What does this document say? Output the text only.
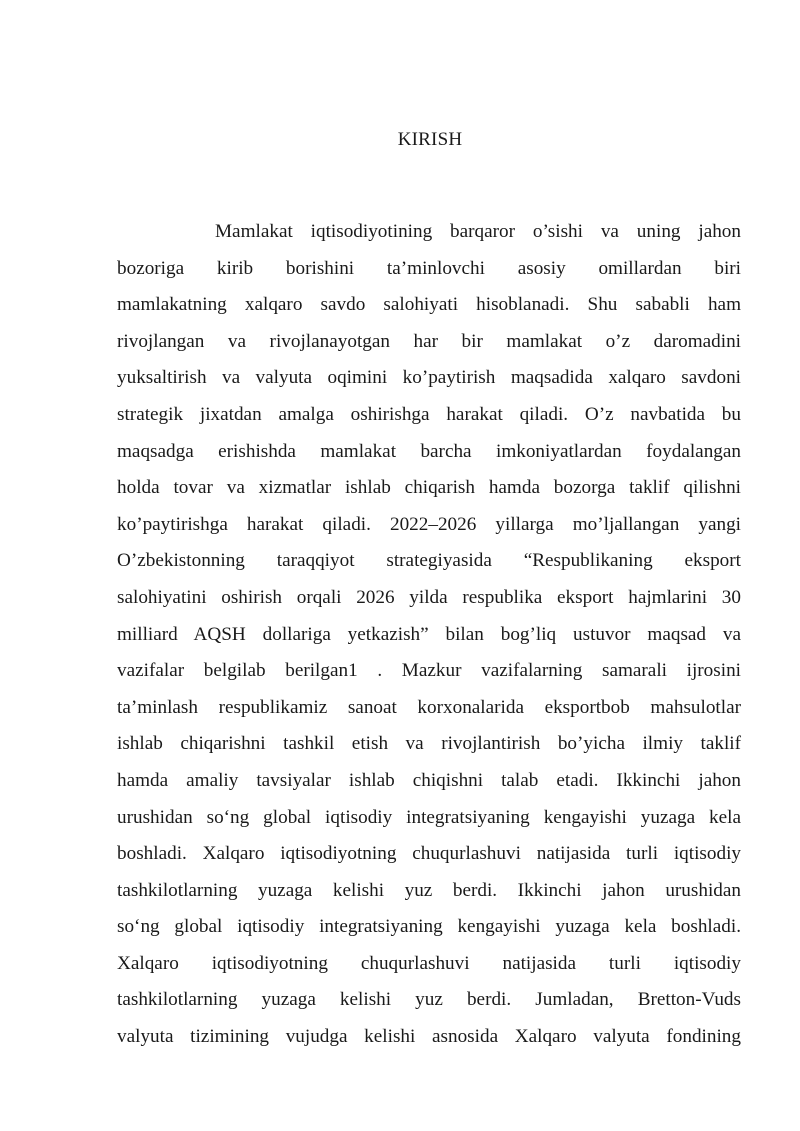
KIRISH
Mamlakat iqtisodiyotining barqaror o’sishi va uning jahon
bozoriga kirib borishini ta’minlovchi asosiy omillardan biri
mamlakatning xalqaro savdo salohiyati hisoblanadi. Shu sababli ham
rivojlangan va rivojlanayotgan har bir mamlakat o’z daromadini
yuksaltirish va valyuta oqimini ko’paytirish maqsadida xalqaro savdoni
strategik jixatdan amalga oshirishga harakat qiladi. O’z navbatida bu
maqsadga erishishda mamlakat barcha imkoniyatlardan foydalangan
holda tovar va xizmatlar ishlab chiqarish hamda bozorga taklif qilishni
ko’paytirishga harakat qiladi. 2022–2026 yillarga mo’ljallangan yangi
O’zbekistonning taraqqiyot strategiyasida “Respublikaning eksport
salohiyatini oshirish orqali 2026 yilda respublika eksport hajmlarini 30
milliard AQSH dollariga yetkazish” bilan bog’liq ustuvor maqsad va
vazifalar belgilab berilgan1 . Mazkur vazifalarning samarali ijrosini
ta’minlash respublikamiz sanoat korxonalarida eksportbob mahsulotlar
ishlab chiqarishni tashkil etish va rivojlantirish bo’yicha ilmiy taklif
hamda amaliy tavsiyalar ishlab chiqishni talab etadi. Ikkinchi jahon
urushidan so‘ng global iqtisodiy integratsiyaning kengayishi yuzaga kela
boshladi. Xalqaro iqtisodiyotning chuqurlashuvi natijasida turli iqtisodiy
tashkilotlarning yuzaga kelishi yuz berdi. Ikkinchi jahon urushidan
so‘ng global iqtisodiy integratsiyaning kengayishi yuzaga kela boshladi.
Xalqaro iqtisodiyotning chuqurlashuvi natijasida turli iqtisodiy
tashkilotlarning yuzaga kelishi yuz berdi. Jumladan, Bretton-Vuds
valyuta tizimining vujudga kelishi asnosida Xalqaro valyuta fondining
